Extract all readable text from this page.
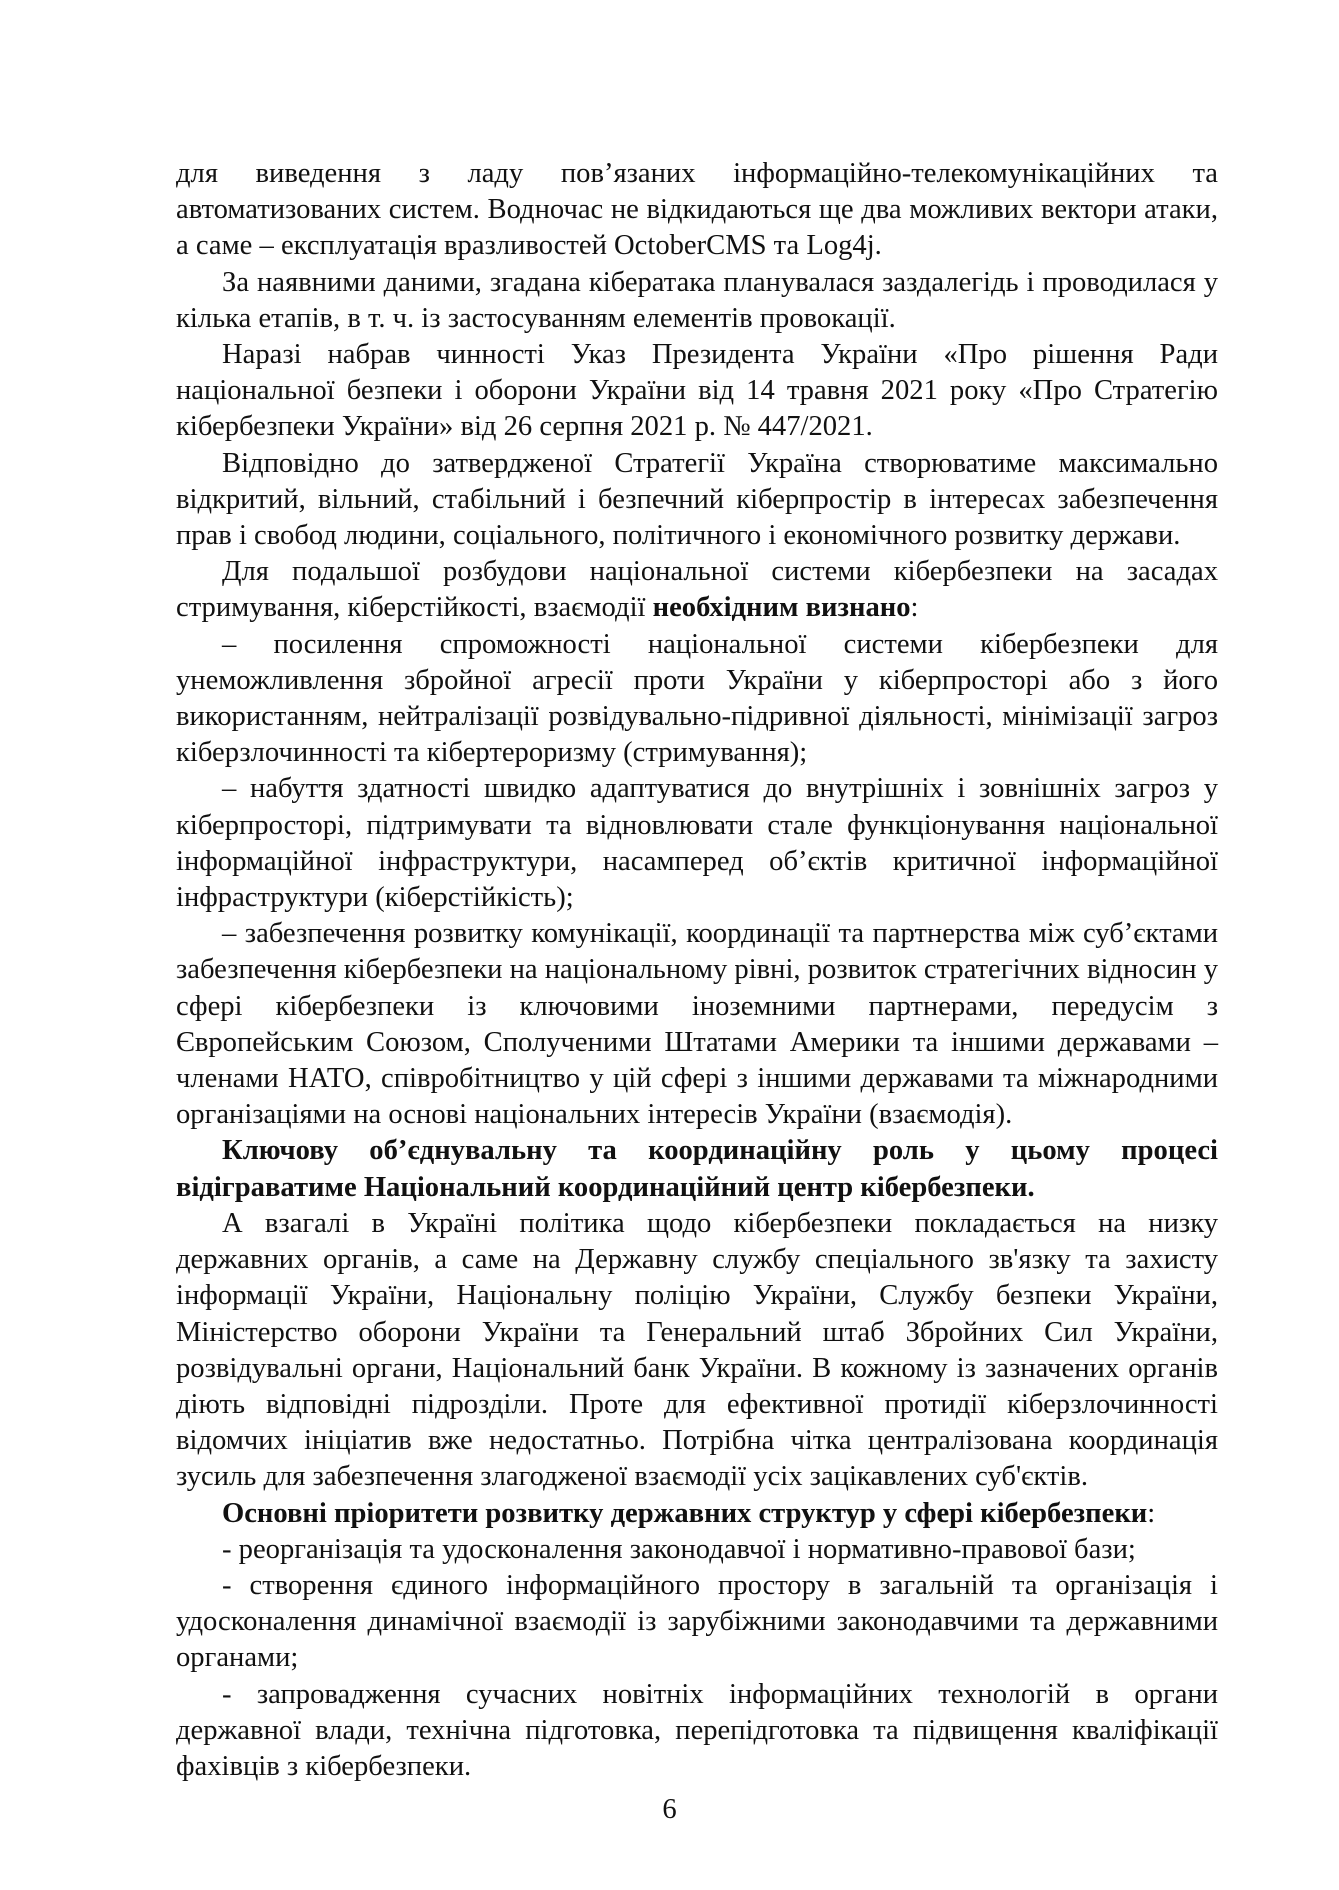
для виведення з ладу пов’язаних інформаційно-телекомунікаційних та автоматизованих систем. Водночас не відкидаються ще два можливих вектори атаки, а саме – експлуатація вразливостей OctoberCMS та Log4j.

За наявними даними, згадана кібератака планувалася заздалегідь і проводилася у кілька етапів, в т. ч. із застосуванням елементів провокації.

Наразі набрав чинності Указ Президента України «Про рішення Ради національної безпеки і оборони України від 14 травня 2021 року «Про Стратегію кібербезпеки України» від 26 серпня 2021 р. № 447/2021.

Відповідно до затвердженої Стратегії Україна створюватиме максимально відкритий, вільний, стабільний і безпечний кіберпростір в інтересах забезпечення прав і свобод людини, соціального, політичного і економічного розвитку держави.

Для подальшої розбудови національної системи кібербезпеки на засадах стримування, кіберстійкості, взаємодії необхідним визнано:

– посилення спроможності національної системи кібербезпеки для унеможливлення збройної агресії проти України у кіберпросторі або з його використанням, нейтралізації розвідувально-підривної діяльності, мінімізації загроз кіберзлочинності та кібертероризму (стримування);

– набуття здатності швидко адаптуватися до внутрішніх і зовнішніх загроз у кіберпросторі, підтримувати та відновлювати стале функціонування національної інформаційної інфраструктури, насамперед об’єктів критичної інформаційної інфраструктури (кіберстійкість);

– забезпечення розвитку комунікації, координації та партнерства між суб’єктами забезпечення кібербезпеки на національному рівні, розвиток стратегічних відносин у сфері кібербезпеки із ключовими іноземними партнерами, передусім з Європейським Союзом, Сполученими Штатами Америки та іншими державами – членами НАТО, співробітництво у цій сфері з іншими державами та міжнародними організаціями на основі національних інтересів України (взаємодія).

Ключову об’єднувальну та координаційну роль у цьому процесі відіграватиме Національний координаційний центр кібербезпеки.

А взагалі в Україні політика щодо кібербезпеки покладається на низку державних органів, а саме на Державну службу спеціального зв'язку та захисту інформації України, Національну поліцію України, Службу безпеки України, Міністерство оборони України та Генеральний штаб Збройних Сил України, розвідувальні органи, Національний банк України. В кожному із зазначених органів діють відповідні підрозділи. Проте для ефективної протидії кіберзлочинності відомчих ініціатив вже недостатньо. Потрібна чітка централізована координація зусиль для забезпечення злагодженої взаємодії усіх зацікавлених суб'єктів.

Основні пріоритети розвитку державних структур у сфері кібербезпеки:

- реорганізація та удосконалення законодавчої і нормативно-правової бази;

- створення єдиного інформаційного простору в загальній та організація і удосконалення динамічної взаємодії із зарубіжними законодавчими та державними органами;

- запровадження сучасних новітніх інформаційних технологій в органи державної влади, технічна підготовка, перепідготовка та підвищення кваліфікації фахівців з кібербезпеки.

6
